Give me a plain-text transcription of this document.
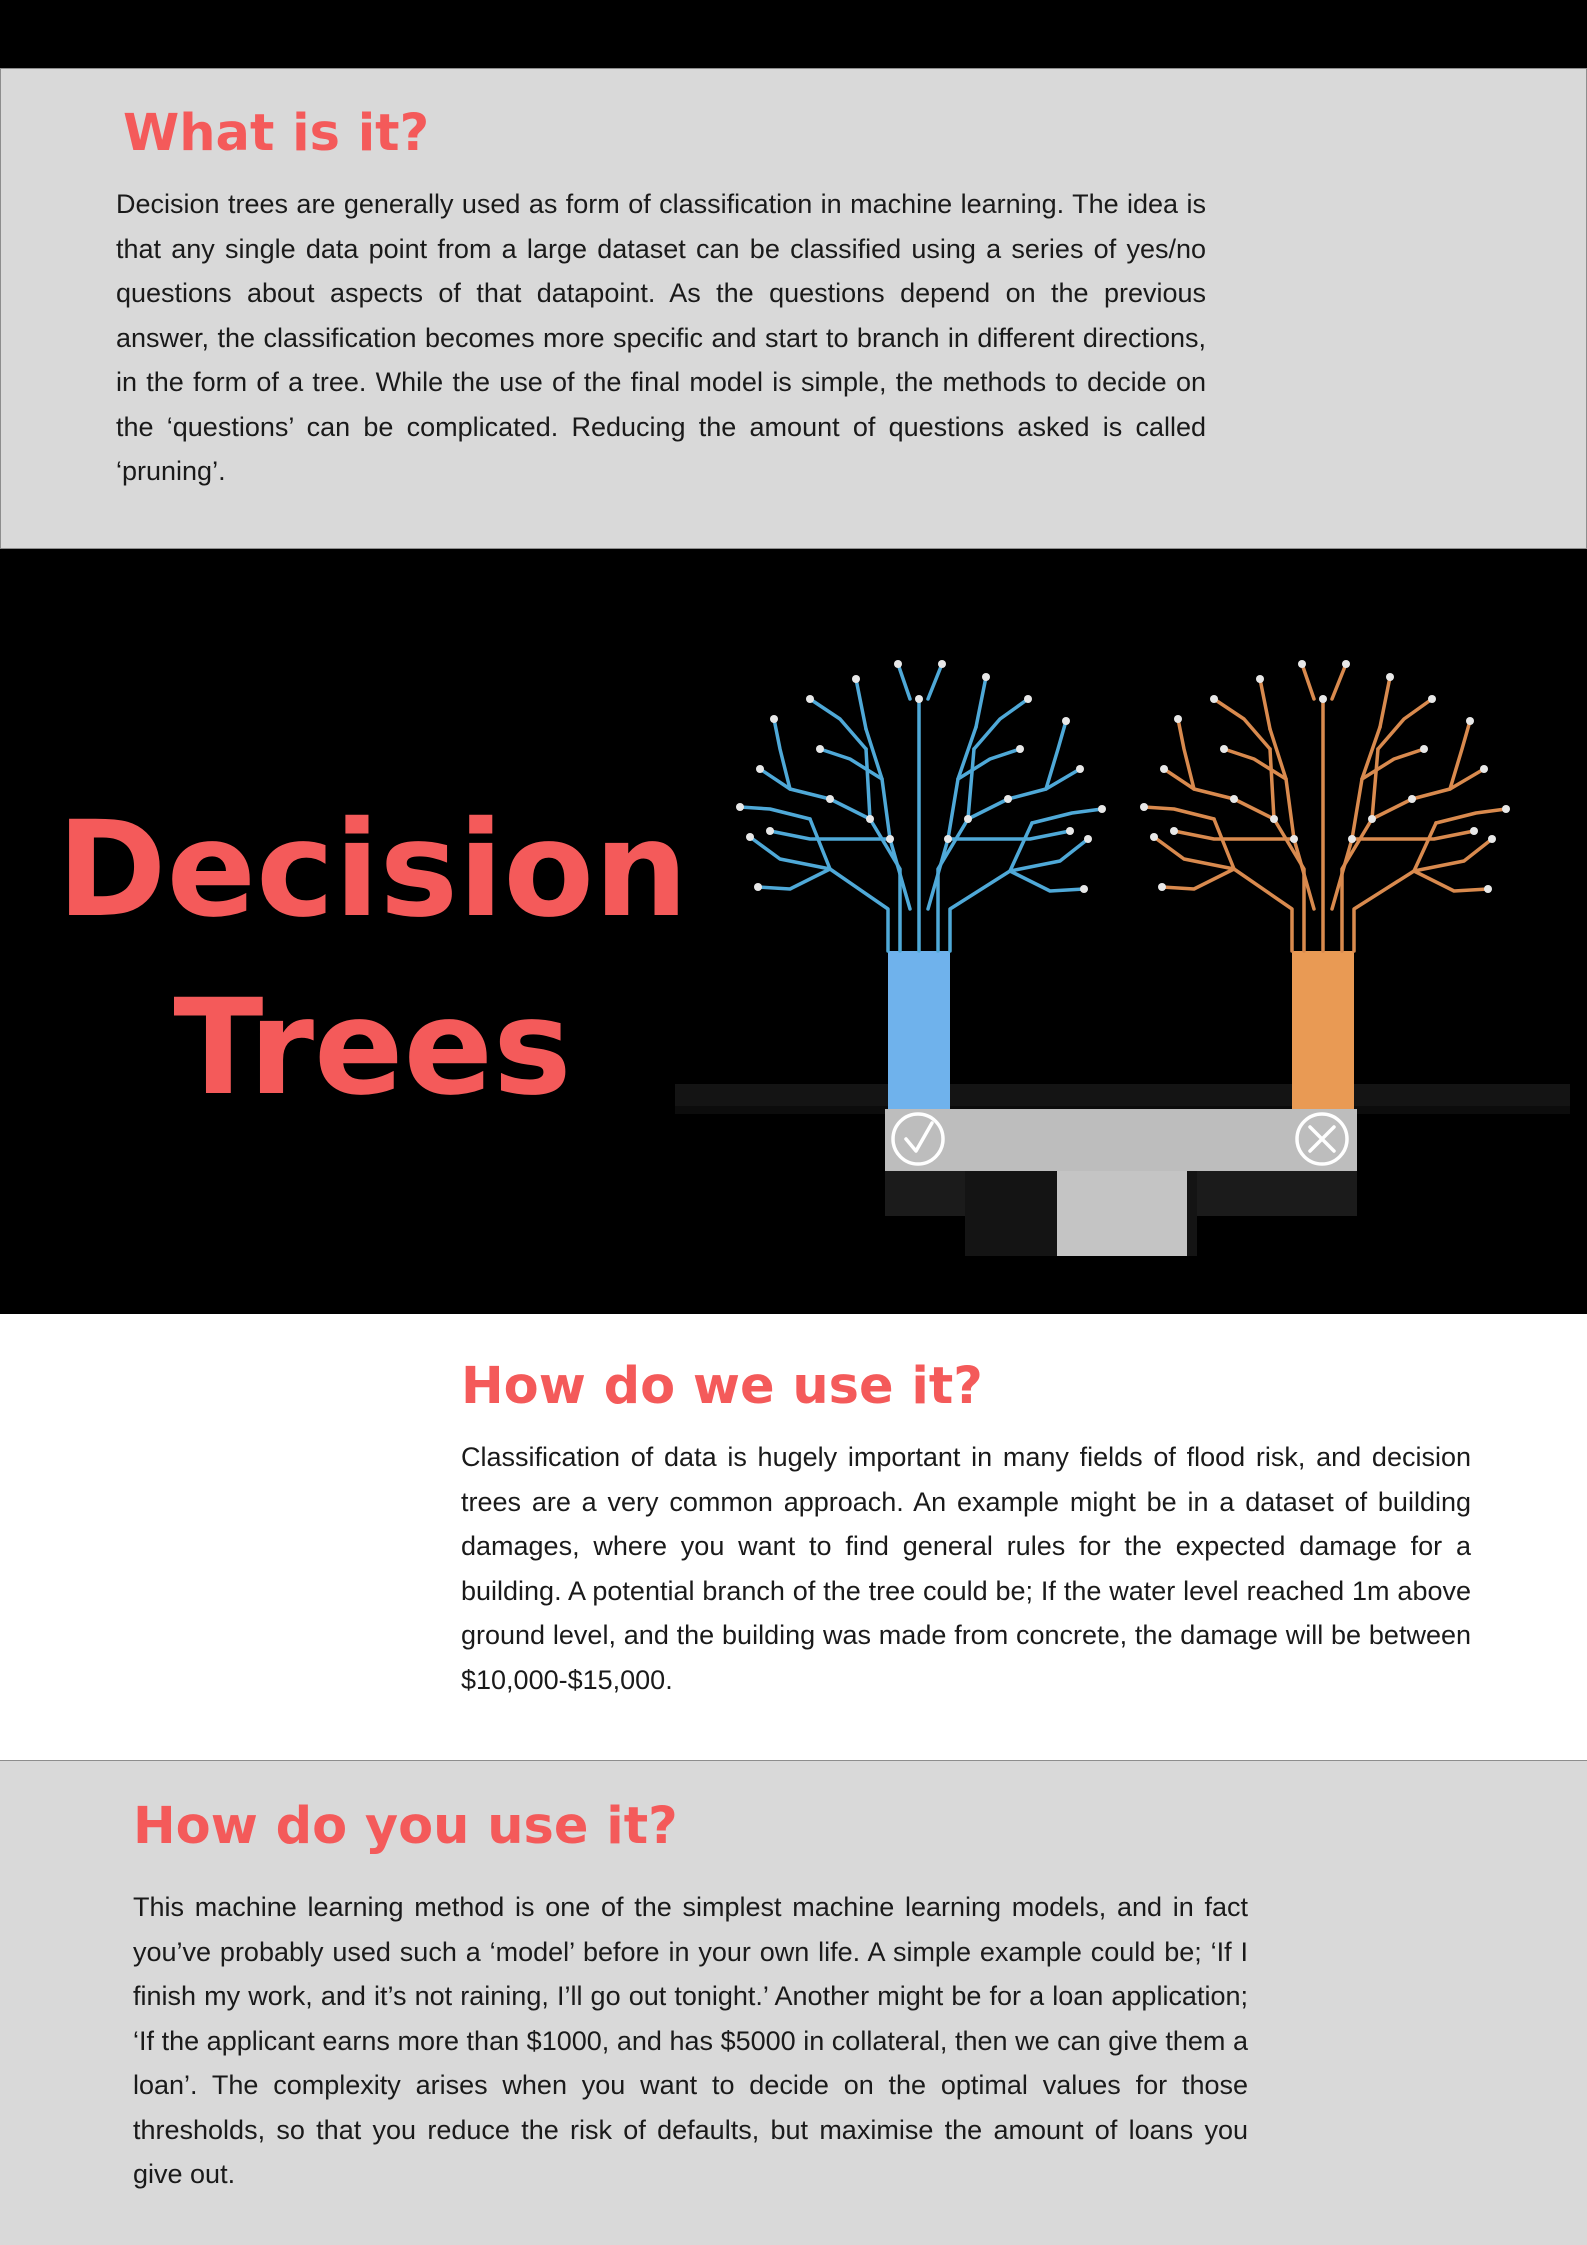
What is it?

Decision trees are generally used as form of classification in machine learning. The idea is that any single data point from a large dataset can be classified using a series of yes/no questions about aspects of that datapoint. As the questions depend on the previous answer, the classification becomes more specific and start to branch in different directions, in the form of a tree. While the use of the final model is simple, the methods to decide on the ‘questions’ can be complicated. Reducing the amount of questions asked is called ‘pruning’.

Decision
Trees
How do we use it?

Classification of data is hugely important in many fields of flood risk, and decision trees are a very common approach. An example might be in a dataset of building damages, where you want to find general rules for the expected damage for a building. A potential branch of the tree could be; If the water level reached 1m above ground level, and the building was made from concrete, the damage will be between $10,000-$15,000.

How do you use it?

This machine learning method is one of the simplest machine learning models, and in fact you’ve probably used such a ‘model’ before in your own life. A simple example could be; ‘If I finish my work, and it’s not raining, I’ll go out tonight.’ Another might be for a loan application; ‘If the applicant earns more than $1000, and has $5000 in collateral, then we can give them a loan’. The complexity arises when you want to decide on the optimal values for those thresholds, so that you reduce the risk of defaults, but maximise the amount of loans you give out.
